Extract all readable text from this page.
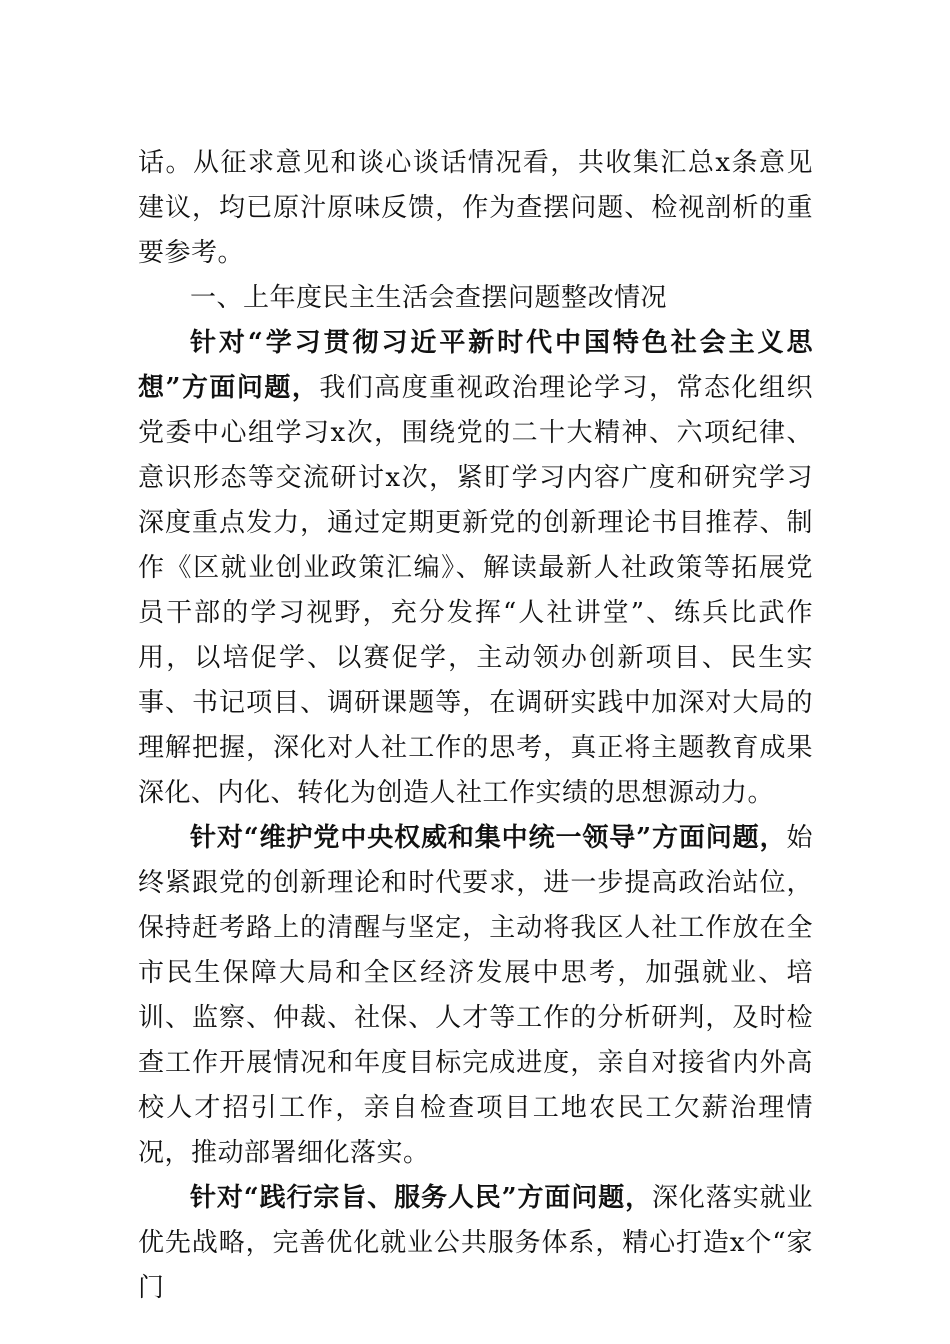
话。从征求意见和谈心谈话情况看，共收集汇总x条意见建议，均已原汁原味反馈，作为查摆问题、检视剖析的重要参考。

一、上年度民主生活会查摆问题整改情况

针对“学习贯彻习近平新时代中国特色社会主义思想”方面问题，我们高度重视政治理论学习，常态化组织党委中心组学习x次，围绕党的二十大精神、六项纪律、意识形态等交流研讨x次，紧盯学习内容广度和研究学习深度重点发力，通过定期更新党的创新理论书目推荐、制作《区就业创业政策汇编》、解读最新人社政策等拓展党员干部的学习视野，充分发挥“人社讲堂”、练兵比武作用，以培促学、以赛促学，主动领办创新项目、民生实事、书记项目、调研课题等，在调研实践中加深对大局的理解把握，深化对人社工作的思考，真正将主题教育成果深化、内化、转化为创造人社工作实绩的思想源动力。

针对“维护党中央权威和集中统一领导”方面问题，始终紧跟党的创新理论和时代要求，进一步提高政治站位，保持赶考路上的清醒与坚定，主动将我区人社工作放在全市民生保障大局和全区经济发展中思考，加强就业、培训、监察、仲裁、社保、人才等工作的分析研判，及时检查工作开展情况和年度目标完成进度，亲自对接省内外高校人才招引工作，亲自检查项目工地农民工欠薪治理情况，推动部署细化落实。

针对“践行宗旨、服务人民”方面问题，深化落实就业优先战略，完善优化就业公共服务体系，精心打造x个“家门
